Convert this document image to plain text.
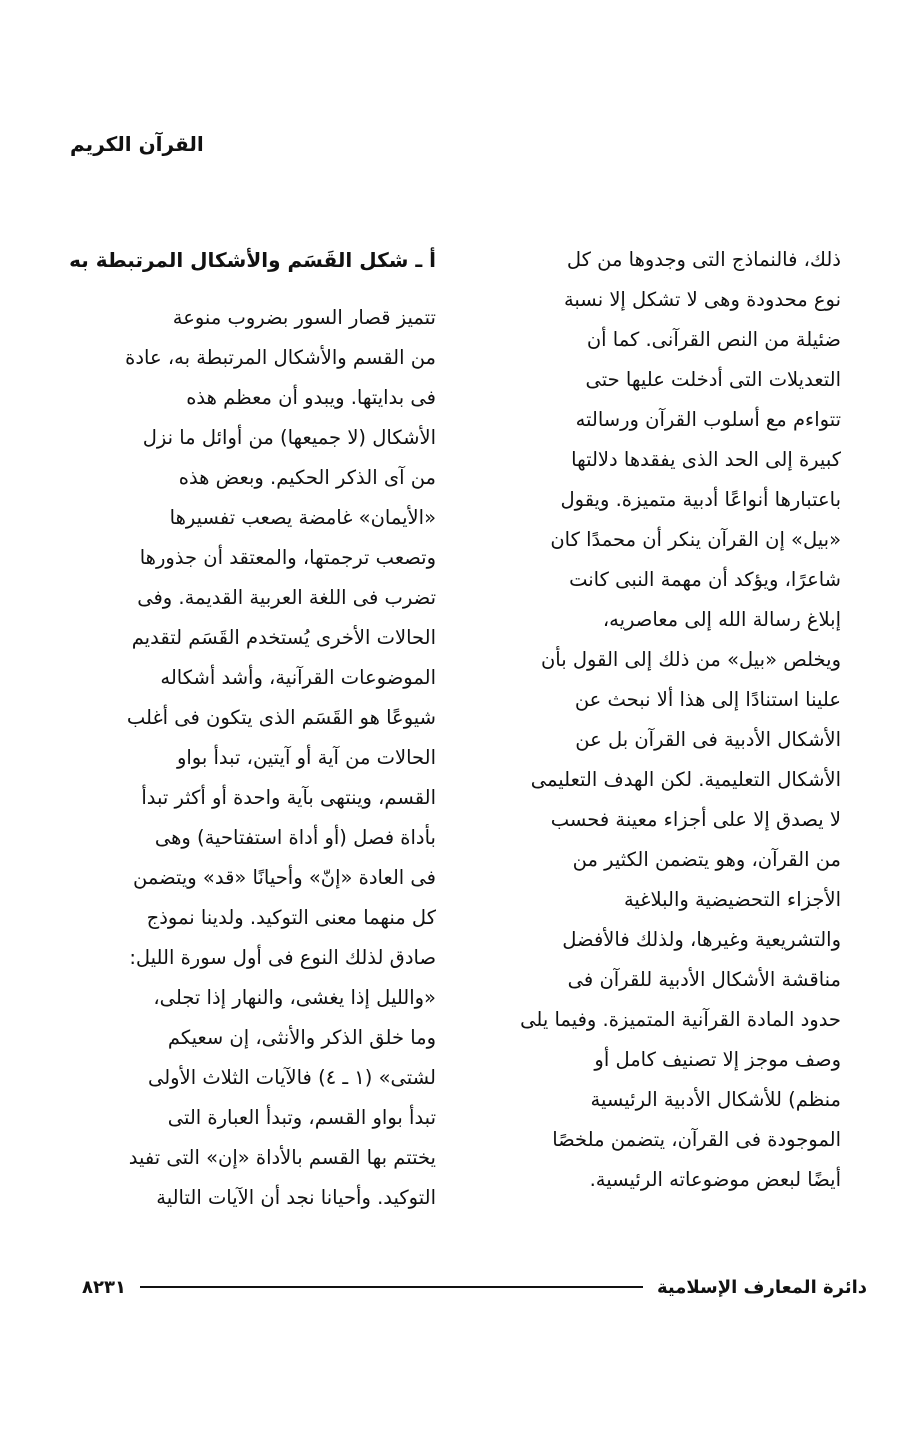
القرآن الكريم
ذلك، فالنماذج التى وجدوها من كل
نوع محدودة وهى لا تشكل إلا نسبة
ضئيلة من النص القرآنى. كما أن
التعديلات التى أدخلت عليها حتى
تتواءم مع أسلوب القرآن ورسالته
كبيرة إلى الحد الذى يفقدها دلالتها
باعتبارها أنواعًا أدبية متميزة. ويقول
«بيل» إن القرآن ينكر أن محمدًا كان
شاعرًا، ويؤكد أن مهمة النبى كانت
إبلاغ رسالة الله إلى معاصريه،
ويخلص «بيل» من ذلك إلى القول بأن
علينا استنادًا إلى هذا ألا نبحث عن
الأشكال الأدبية فى القرآن بل عن
الأشكال التعليمية. لكن الهدف التعليمى
لا يصدق إلا على أجزاء معينة فحسب
من القرآن، وهو يتضمن الكثير من
الأجزاء التحضيضية والبلاغية
والتشريعية وغيرها، ولذلك فالأفضل
مناقشة الأشكال الأدبية للقرآن فى
حدود المادة القرآنية المتميزة. وفيما يلى
وصف موجز إلا تصنيف كامل أو
منظم) للأشكال الأدبية الرئيسية
الموجودة فى القرآن، يتضمن ملخصًا
أيضًا لبعض موضوعاته الرئيسية.
أ ـ شكل القَسَم والأشكال المرتبطة به
تتميز قصار السور بضروب منوعة
من القسم والأشكال المرتبطة به، عادة
فى بدايتها. ويبدو أن معظم هذه
الأشكال (لا جميعها) من أوائل ما نزل
من آى الذكر الحكيم. وبعض هذه
«الأيمان» غامضة يصعب تفسيرها
وتصعب ترجمتها، والمعتقد أن جذورها
تضرب فى اللغة العربية القديمة. وفى
الحالات الأخرى يُستخدم القَسَم لتقديم
الموضوعات القرآنية، وأشد أشكاله
شيوعًا هو القَسَم الذى يتكون فى أغلب
الحالات من آية أو آيتين، تبدأ بواو
القسم، وينتهى بآية واحدة أو أكثر تبدأ
بأداة فصل (أو أداة استفتاحية) وهى
فى العادة «إنّ» وأحيانًا «قد» ويتضمن
كل منهما معنى التوكيد. ولدينا نموذج
صادق لذلك النوع فى أول سورة الليل:
«والليل إذا يغشى، والنهار إذا تجلى،
وما خلق الذكر والأنثى، إن سعيكم
لشتى» (١ ـ ٤) فالآيات الثلاث الأولى
تبدأ بواو القسم، وتبدأ العبارة التى
يختتم بها القسم بالأداة «إن» التى تفيد
التوكيد. وأحيانا نجد أن الآيات التالية
دائرة المعارف الإسلامية
٨٢٣١
